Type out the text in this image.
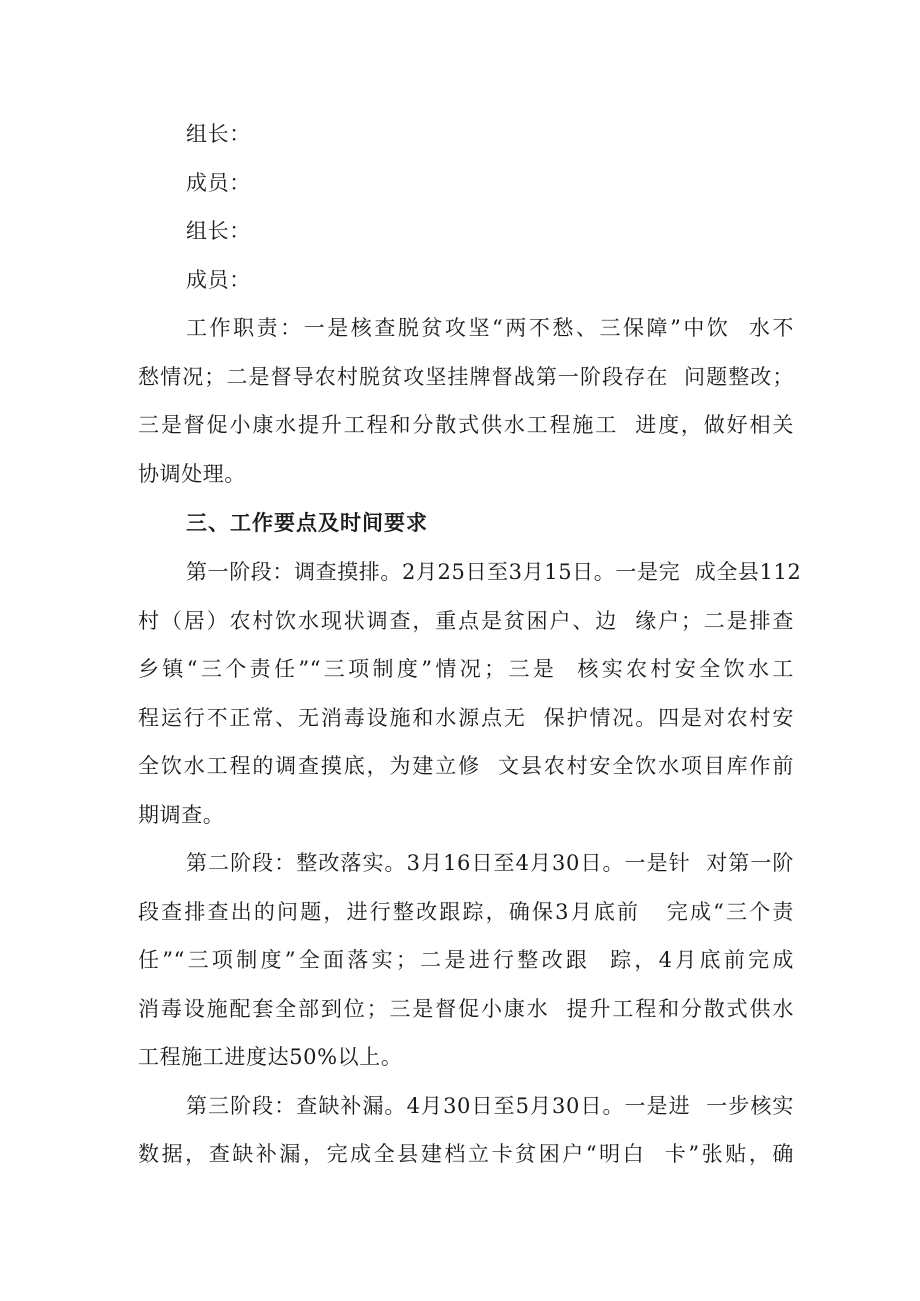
组长：
成员：
组长：
成员：
工作职责：一是核查脱贫攻坚“两不愁、三保障”中饮  水不
愁情况；二是督导农村脱贫攻坚挂牌督战第一阶段存在  问题整改；
三是督促小康水提升工程和分散式供水工程施工  进度，做好相关
协调处理。
三、工作要点及时间要求
第一阶段：调查摸排。2月25日至3月15日。一是完  成全县112
村（居）农村饮水现状调查，重点是贫困户、边  缘户；二是排查
乡镇“三个责任”“三项制度”情况；三是  核实农村安全饮水工
程运行不正常、无消毒设施和水源点无  保护情况。四是对农村安
全饮水工程的调查摸底，为建立修  文县农村安全饮水项目库作前
期调查。
第二阶段：整改落实。3月16日至4月30日。一是针  对第一阶
段查排查出的问题，进行整改跟踪，确保3月底前   完成“三个责
任”“三项制度”全面落实；二是进行整改跟  踪，4月底前完成
消毒设施配套全部到位；三是督促小康水  提升工程和分散式供水
工程施工进度达50%以上。
第三阶段：查缺补漏。4月30日至5月30日。一是进  一步核实
数据，查缺补漏，完成全县建档立卡贫困户“明白  卡”张贴，确
